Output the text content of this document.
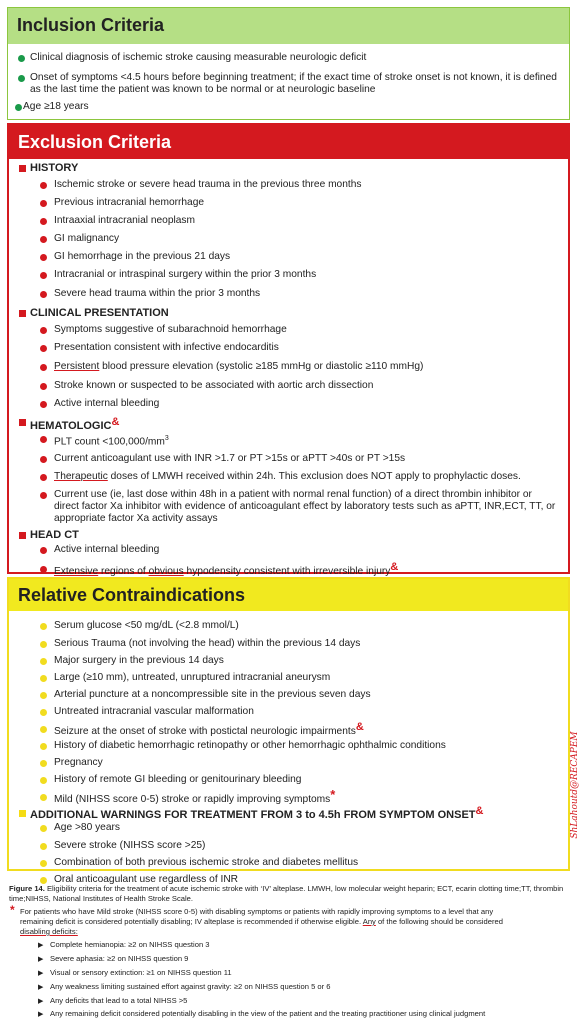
Inclusion Criteria
Clinical diagnosis of ischemic stroke causing measurable neurologic deficit
Onset of symptoms <4.5 hours before beginning treatment; if the exact time of stroke onset is not known, it is defined
as the last time the patient was known to be normal or at neurologic baseline
Age ≥18 years
Exclusion Criteria
HISTORY
Ischemic stroke or severe head trauma in the previous three months
Previous intracranial hemorrhage
Intraaxial intracranial neoplasm
GI malignancy
GI hemorrhage in the previous 21 days
Intracranial or intraspinal surgery within the prior 3 months
Severe head trauma within the prior 3 months
CLINICAL PRESENTATION
Symptoms suggestive of subarachnoid hemorrhage
Presentation consistent with infective endocarditis
Persistent blood pressure elevation (systolic ≥185 mmHg or diastolic ≥110 mmHg)
Stroke known or suspected to be associated with aortic arch dissection
Active internal bleeding
HEMATOLOGIC&
PLT count $<100,000/mm^3$
Current anticoagulant use with INR >1.7 or PT >15s or aPTT >40s or PT >15s
Therapeutic doses of LMWH received within 24h. This exclusion does NOT apply to prophylactic doses.
Current use (ie, last dose within 48h in a patient with normal renal function) of a direct thrombin inhibitor or
direct factor Xa inhibitor with evidence of anticoagulant effect by laboratory tests such as aPTT, INR,ECT, TT, or
appropriate factor Xa activity assays
HEAD CT
Active internal bleeding
Extensive regions of obvious hypodensity consistent with irreversible injury&
Relative Contraindications
Serum glucose <50 mg/dL (<2.8 mmol/L)
Serious Trauma (not involving the head) within the previous 14 days
Major surgery in the previous 14 days
Large (≥10 mm), untreated, unruptured intracranial aneurysm
Arterial puncture at a noncompressible site in the previous seven days
Untreated intracranial vascular malformation
Seizure at the onset of stroke with postictal neurologic impairments&
History of diabetic hemorrhagic retinopathy or other hemorrhagic ophthalmic conditions
Pregnancy
History of remote GI bleeding or genitourinary bleeding
Mild (NIHSS score 0-5) stroke or rapidly improving symptoms*
ADDITIONAL WARNINGS FOR TREATMENT FROM 3 to 4.5h FROM SYMPTOM ONSET&
Age >80 years
Severe stroke (NIHSS score >25)
Combination of both previous ischemic stroke and diabetes mellitus
Oral anticoagulant use regardless of INR
ShLahoutd@RECAPEM
Figure 14. Eligibility criteria for the treatment of acute ischemic stroke with ‘IV’ alteplase. LMWH, low molecular weight heparin; ECT, ecarin clotting time;TT, thrombin time;NIHSS, National Institutes of Health Stroke Scale.
* For patients who have Mild stroke (NIHSS score 0-5) with disabling symptoms or patients with rapidly improving symptoms to a level that any
remaining deficit is considered potentially disabling; IV alteplase is recommended if otherwise eligible. Any of the following should be considered
disabling deficits:
▶ Complete hemianopia: ≥2 on NIHSS question 3
▶ Severe aphasia: ≥2 on NIHSS question 9
▶ Visual or sensory extinction: ≥1 on NIHSS question 11
▶ Any weakness limiting sustained effort against gravity: ≥2 on NIHSS question 5 or 6
▶ Any deficits that lead to a total NIHSS >5
▶ Any remaining deficit considered potentially disabling in the view of the patient and the treating practitioner using clinical judgment
